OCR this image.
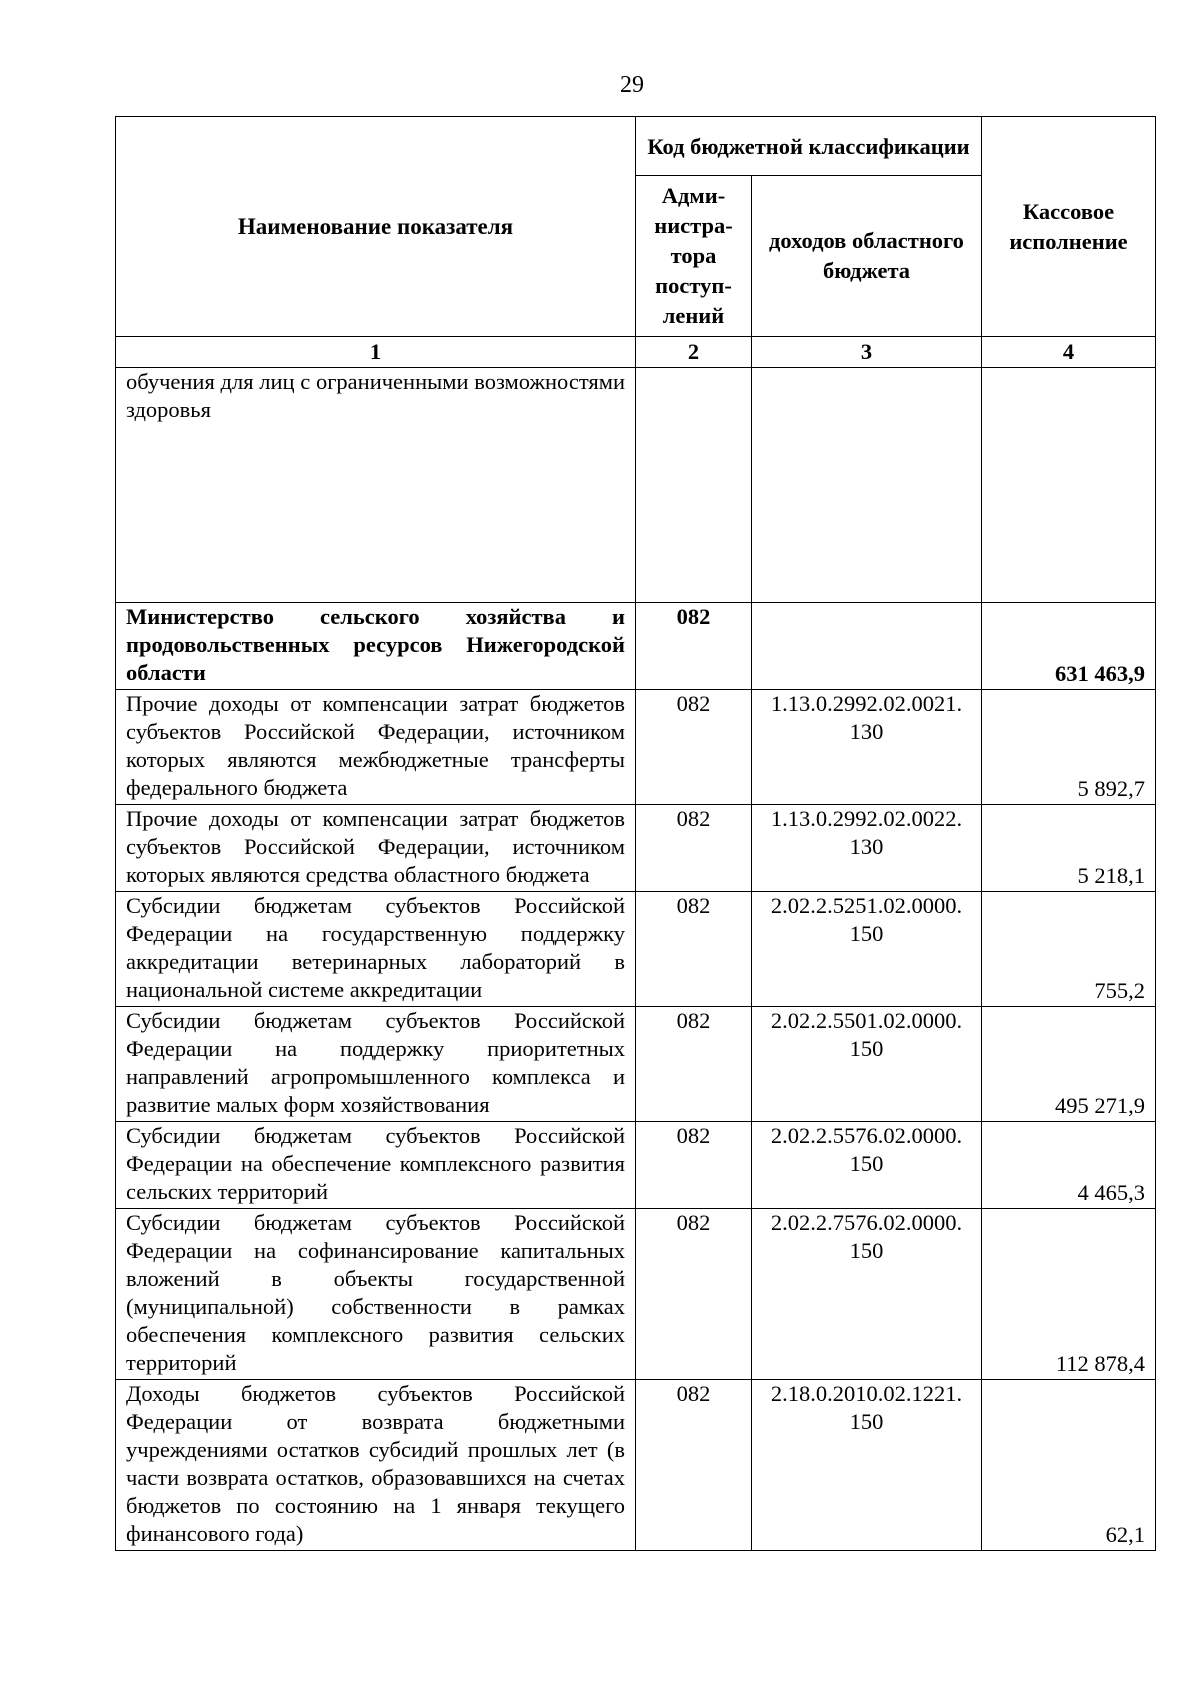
29
Наименование показателя	Код бюджетной классификации		Кассовое исполнение
	Адми-нистра-тора поступ-лений	доходов областного бюджета	
1	2	3	4
обучения для лиц с ограниченными возможностями здоровья			
Министерство сельского хозяйства и продовольственных ресурсов Нижегородской области	082		631 463,9
Прочие доходы от компенсации затрат бюджетов субъектов Российской Федерации, источником которых являются межбюджетные трансферты федерального бюджета	082	1.13.0.2992.02.0021. 130	5 892,7
Прочие доходы от компенсации затрат бюджетов субъектов Российской Федерации, источником которых являются средства областного бюджета	082	1.13.0.2992.02.0022. 130	5 218,1
Субсидии бюджетам субъектов Российской Федерации на государственную поддержку аккредитации ветеринарных лабораторий в национальной системе аккредитации	082	2.02.2.5251.02.0000. 150	755,2
Субсидии бюджетам субъектов Российской Федерации на поддержку приоритетных направлений агропромышленного комплекса и развитие малых форм хозяйствования	082	2.02.2.5501.02.0000. 150	495 271,9
Субсидии бюджетам субъектов Российской Федерации на обеспечение комплексного развития сельских территорий	082	2.02.2.5576.02.0000. 150	4 465,3
Субсидии бюджетам субъектов Российской Федерации на софинансирование капитальных вложений в объекты государственной (муниципальной) собственности в рамках обеспечения комплексного развития сельских территорий	082	2.02.2.7576.02.0000. 150	112 878,4
Доходы бюджетов субъектов Российской Федерации от возврата бюджетными учреждениями остатков субсидий прошлых лет (в части возврата остатков, образовавшихся на счетах бюджетов по состоянию на 1 января текущего финансового года)	082	2.18.0.2010.02.1221. 150	62,1
